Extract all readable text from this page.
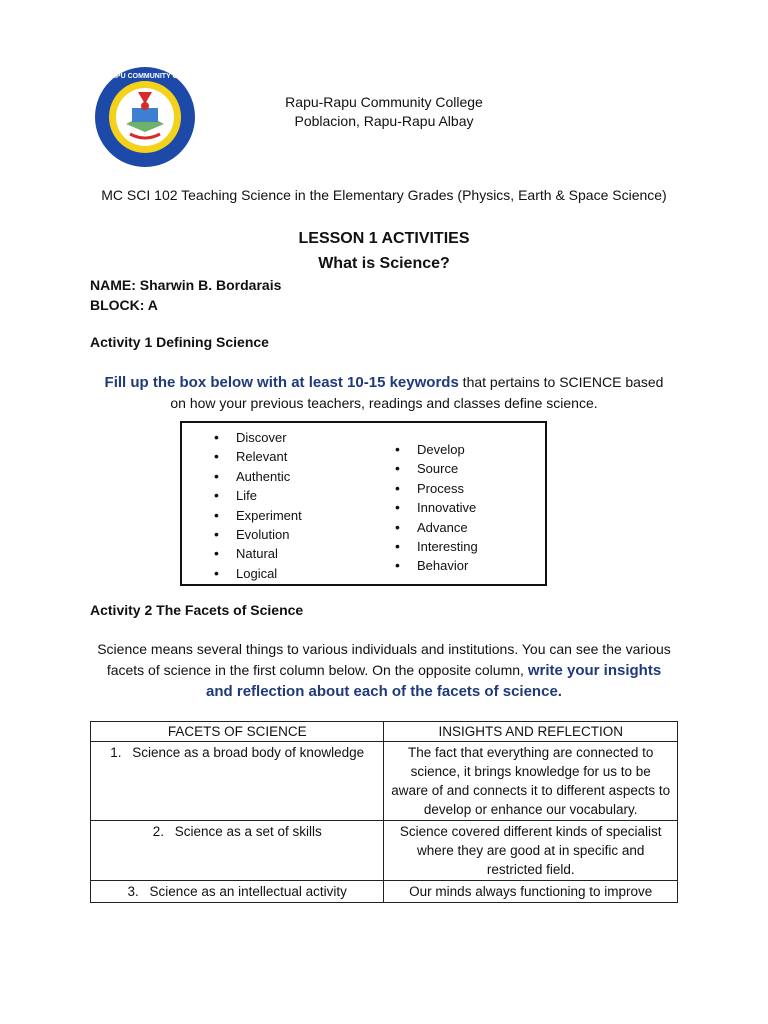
RAPU-RAPU COMMUNITY COLLEGE
Rapu-Rapu Community College
Poblacion, Rapu-Rapu Albay
MC SCI 102 Teaching Science in the Elementary Grades (Physics, Earth & Space Science)
LESSON 1 ACTIVITIES
What is Science?
NAME: Sharwin B. Bordarais
BLOCK: A
Activity 1 Defining Science
Fill up the box below with at least 10-15 keywords that pertains to SCIENCE based
on how your previous teachers, readings and classes define science.
• Discover
• Relevant
• Authentic
• Life
• Experiment
• Evolution
• Natural
• Logical
• Develop
• Source
• Process
• Innovative
• Advance
• Interesting
• Behavior
Activity 2 The Facets of Science
Science means several things to various individuals and institutions. You can see the various
facets of science in the first column below. On the opposite column, write your insights
and reflection about each of the facets of science.
FACETS OF SCIENCE	INSIGHTS AND REFLECTION
1. Science as a broad body of knowledge	The fact that everything are connected to science, it brings knowledge for us to be aware of and connects it to different aspects to develop or enhance our vocabulary.
2. Science as a set of skills	Science covered different kinds of specialist where they are good at in specific and restricted field.
3. Science as an intellectual activity	Our minds always functioning to improve
